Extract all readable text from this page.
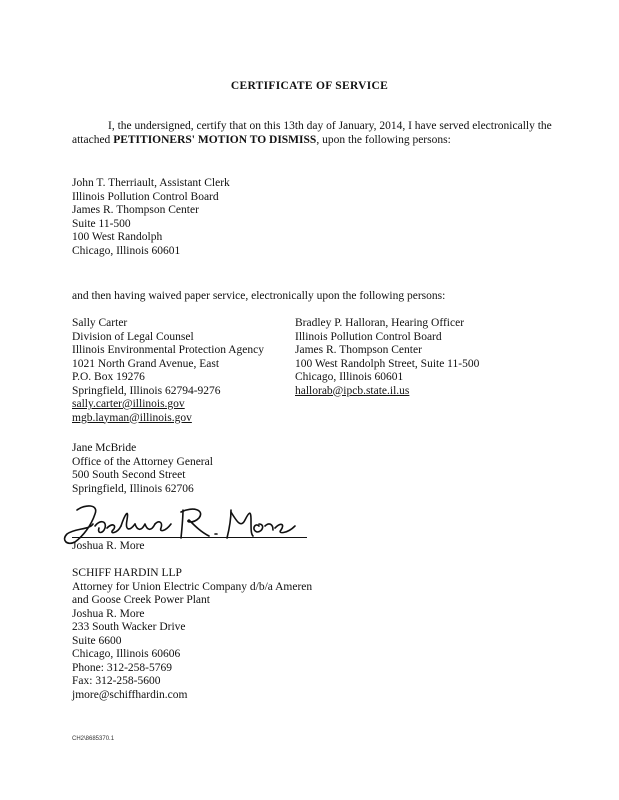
CERTIFICATE OF SERVICE
I, the undersigned, certify that on this 13th day of January, 2014, I have served electronically the attached PETITIONERS' MOTION TO DISMISS, upon the following persons:
John T. Therriault, Assistant Clerk
Illinois Pollution Control Board
James R. Thompson Center
Suite 11-500
100 West Randolph
Chicago, Illinois 60601
and then having waived paper service, electronically upon the following persons:
Sally Carter
Division of Legal Counsel
Illinois Environmental Protection Agency
1021 North Grand Avenue, East
P.O. Box 19276
Springfield, Illinois 62794-9276
sally.carter@illinois.gov
mgb.layman@illinois.gov
Bradley P. Halloran, Hearing Officer
Illinois Pollution Control Board
James R. Thompson Center
100 West Randolph Street, Suite 11-500
Chicago, Illinois 60601
hallorab@ipcb.state.il.us
Jane McBride
Office of the Attorney General
500 South Second Street
Springfield, Illinois 62706
Joshua R. More
SCHIFF HARDIN LLP
Attorney for Union Electric Company d/b/a Ameren
and Goose Creek Power Plant
Joshua R. More
233 South Wacker Drive
Suite 6600
Chicago, Illinois 60606
Phone: 312-258-5769
Fax: 312-258-5600
jmore@schiffhardin.com
CH2\8685370.1
